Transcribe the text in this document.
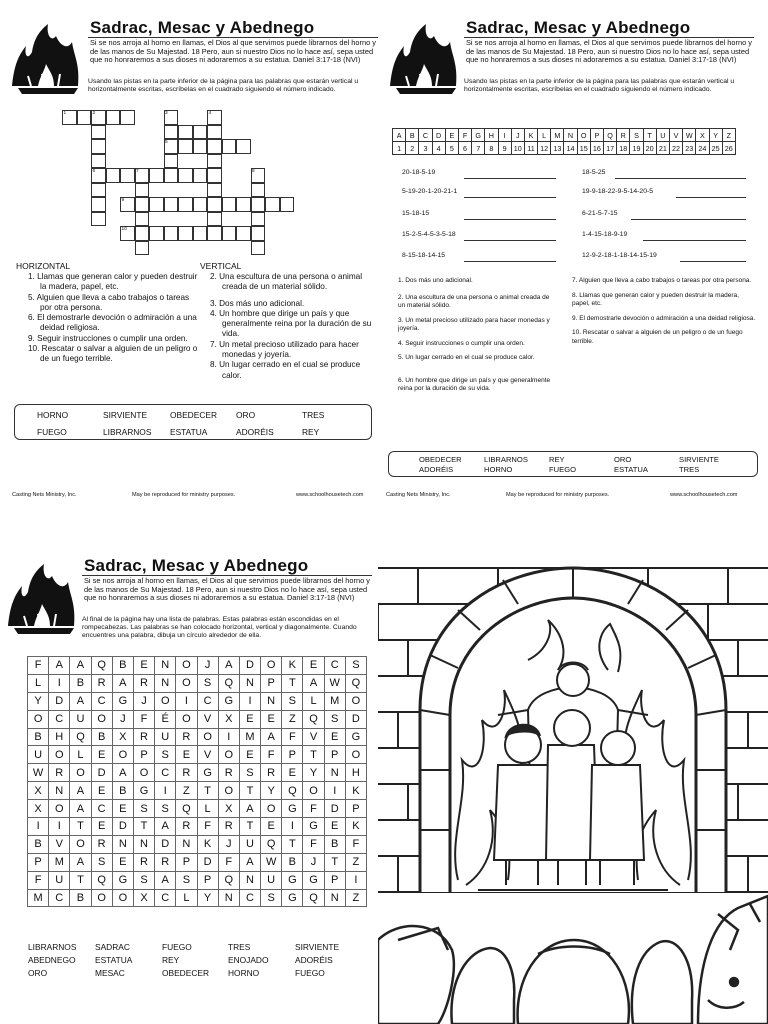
Sadrac, Mesac y Abednego
Si se nos arroja al horno en llamas, el Dios al que servimos puede librarnos del horno y de las manos de Su Majestad. 18 Pero, aun si nuestro Dios no lo hace así, sepa usted que no honraremos a sus dioses ni adoraremos a su estatua. Daniel 3:17-18 (NVI)
Usando las pistas en la parte inferior de la página para las palabras que estarán vertical u horizontalmente escritas, escríbelas en el cuadrado siguiendo el número indicado.
1	2	3	4
5
6	7	8
9
10
HORIZONTAL
1. Llamas que generan calor y pueden destruir la madera, papel, etc.
5. Alguien que lleva a cabo trabajos o tareas por otra persona.
6. El demostrarle devoción o admiración a una deidad religiosa.
9. Seguir instrucciones o cumplir una orden.
10. Rescatar o salvar a alguien de un peligro o de un fuego terrible.
VERTICAL
2. Una escultura de una persona o animal creada de un material sólido.
3. Dos más uno adicional.
4. Un hombre que dirige un país y que generalmente reina por la duración de su vida.
7. Un metal precioso utilizado para hacer monedas y joyería.
8. Un lugar cerrado en el cual se produce calor.
HORNO	SIRVIENTE	OBEDECER ORO	TRES
FUEGO	LIBRARNOS ESTATUA	ADORÉIS	REY
Casting Nets Ministry, Inc.	May be reproduced for ministry purposes.	www.schoolhousetech.com
Sadrac, Mesac y Abednego
Si se nos arroja al horno en llamas, el Dios al que servimos puede librarnos del horno y de las manos de Su Majestad. 18 Pero, aun si nuestro Dios no lo hace así, sepa usted que no honraremos a sus dioses ni adoraremos a su estatua. Daniel 3:17-18 (NVI)
Usando las pistas en la parte inferior de la página para las palabras que estarán vertical u horizontalmente escritas, escríbelas en el cuadrado siguiendo el número indicado.
A	B	C	D	E	F	G	H	I	J	K	L	M	N	O	P	Q	R	S	T	U	V	W	X	Y	Z
1	2	3	4	5	6	7	8	9	10	11	12	13	14	15	16	17	18	19	20	21	22	23	24	25	26
20-18-5-19
5-19-20-1-20-21-1
15-18-15
15-2-5-4-5-3-5-18
8-15-18-14-15
18-5-25
19-9-18-22-9-5-14-20-5
6-21-5-7-15
1-4-15-18-9-19
12-9-2-18-1-18-14-15-19
1. Dos más uno adicional.
2. Una escultura de una persona o animal creada de un material sólido.
3. Un metal precioso utilizado para hacer monedas y joyería.
4. Seguir instrucciones o cumplir una orden.
5. Un lugar cerrado en el cual se produce calor.
6. Un hombre que dirige un país y que generalmente reina por la duración de su vida.
7. Alguien que lleva a cabo trabajos o tareas por otra persona.
8. Llamas que generan calor y pueden destruir la madera, papel, etc.
9. El demostrarle devoción o admiración a una deidad religiosa.
10. Rescatar o salvar a alguien de un peligro o de un fuego terrible.
OBEDECER	LIBRARNOS	REY	ORO	SIRVIENTE
ADORÉIS	HORNO	FUEGO	ESTATUA	TRES
Casting Nets Ministry, Inc.	May be reproduced for ministry purposes.	www.schoolhousetech.com
Sadrac, Mesac y Abednego
Si se nos arroja al horno en llamas, el Dios al que servimos puede librarnos del horno y de las manos de Su Majestad. 18 Pero, aun si nuestro Dios no lo hace así, sepa usted que no honraremos a sus dioses ni adoraremos a su estatua. Daniel 3:17-18 (NVI)
Al final de la página hay una lista de palabras. Estas palabras están escondidas en el rompecabezas. Las palabras se han colocado horizontal, vertical y diagonalmente. Cuando encuentres una palabra, dibuja un círculo alrededor de ella.
F	A	A	Q	B	E	N	O	J	A	D	O	K	E	C	S
L	I	B	R	A	R	N	O	S	Q	N	P	T	A	W	Q
Y	D	A	C	G	J	O	I	C	G	I	N	S	L	M	O
O	C	U	O	J	F	É	O	V	X	E	E	Z	Q	S	D
B	H	Q	B	X	R	U	R	O	I	M	A	F	V	E	G
U	O	L	E	O	P	S	E	V	O	E	F	P	T	P	O
W	R	O	D	A	O	C	R	G	R	S	R	E	Y	N	H
X	N	A	E	B	G	I	Z	T	O	T	Y	Q	O	I	K
X	O	A	C	E	S	S	Q	L	X	A	O	G	F	D	P
I	I	T	E	D	T	A	R	F	R	T	E	I	G	E	K
B	V	O	R	N	N	D	N	K	J	U	Q	T	F	B	F
P	M	A	S	E	R	R	P	D	F	A	W	B	J	T	Z
F	U	T	Q	G	S	A	S	P	Q	N	U	G	G	P	I
M	C	B	O	O	X	C	L	Y	N	C	S	G	Q	N	Z
LIBRARNOS SADRAC	FUEGO	TRES	SIRVIENTE
ABEDNEGO ESTATUA	REY	ENOJADO	ADORÉIS
ORO	MESAC	OBEDECER HORNO	FUEGO
